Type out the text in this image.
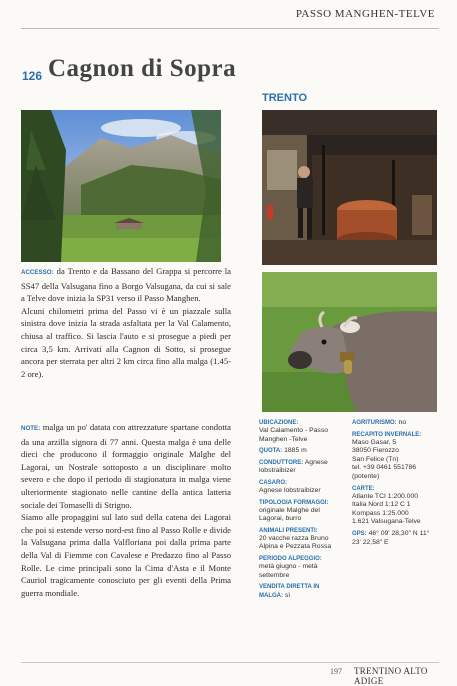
PASSO MANGHEN-TELVE
126 Cagnon di Sopra
TRENTO
ACCESSO: da Trento e da Bassano del Grappa si percorre la SS47 della Valsugana fino a Borgo Valsugana, da cui si sale a Telve dove inizia la SP31 verso il Passo Manghen.
Alcuni chilometri prima del Passo vi è un piazzale sulla sinistra dove inizia la strada asfaltata per la Val Calamento, chiusa al traffico. Si lascia l'auto e si prosegue a piedi per circa 3,5 km. Arrivati alla Cagnon di Sotto, si prosegue ancora per sterrata per altri 2 km circa fino alla malga (1.45-2 ore).
NOTE: malga un po' datata con attrezzature spartane condotta da una arzilla signora di 77 anni. Questa malga è una delle dieci che producono il formaggio originale Malghe del Lagorai, un Nostrale sottoposto a un disciplinare molto severo e che dopo il periodo di stagionatura in malga viene ulteriormente stagionato nelle cantine della antica latteria sociale dei Tomaselli di Strigno.
Siamo alle propaggini sul lato sud della catena dei Lagorai che poi si estende verso nord-est fino al Passo Rolle e divide la Valsugana prima dalla Valfloriana poi dalla prima parte della Val di Fiemme con Cavalese e Predazzo fino al Passo Rolle. Le cime principali sono la Cima d'Asta e il Monte Cauriol tragicamente conosciuto per gli eventi della Prima guerra mondiale.
UBICAZIONE:
Val Calamento - Passo Manghen -Telve
QUOTA: 1885 m
CONDUTTORE: Agnese lobstraibizer
CASARO:
Agnese lobstraibizer
TIPOLOGIA FORMAGGI:
originale Malghe del Lagorai, burro
ANIMALI PRESENTI:
20 vacche razza Bruno Alpina e Pezzata Rossa
PERIODO ALPEGGIO:
metà giugno - metà settembre
VENDITA DIRETTA IN MALGA: sì
AGRITURISMO: no
RECAPITO INVERNALE:
Maso Gasar, 5
38050 Fierozzo
San Felice (Tn)
tel. +39 0461 551786
(potente)
CARTE:
Atlante TCI 1:200.000
Italia Nord 1:12 C 1
Kompass 1:25.000
1.621 Valsugana-Telve
GPS: 46° 09' 28,30" N 11° 23' 22,58" E
197 TRENTINO ALTO ADIGE
